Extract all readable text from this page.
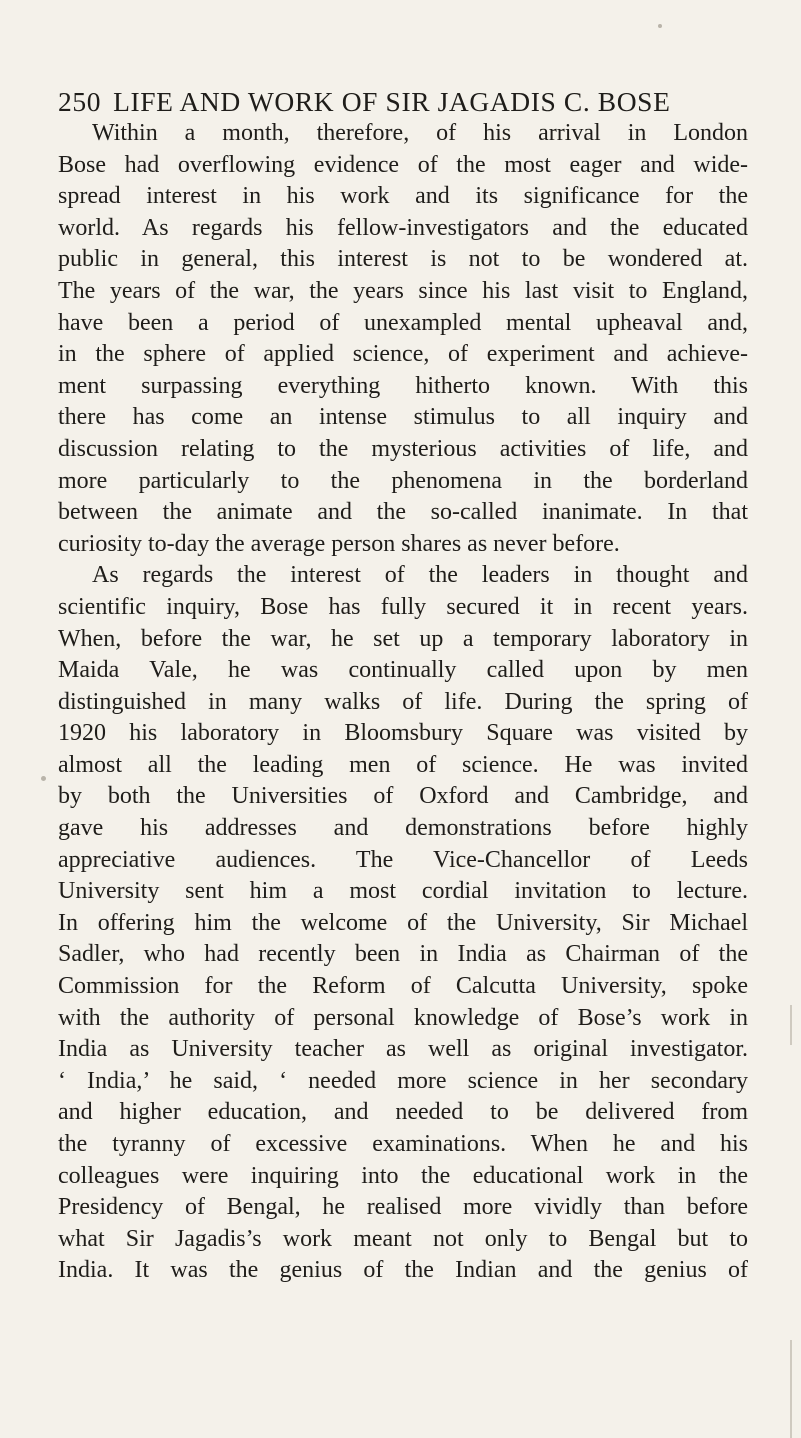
250 LIFE AND WORK OF SIR JAGADIS C. BOSE
Within a month, therefore, of his arrival in London
Bose had overflowing evidence of the most eager and wide-
spread interest in his work and its significance for the
world. As regards his fellow-investigators and the educated
public in general, this interest is not to be wondered at.
The years of the war, the years since his last visit to England,
have been a period of unexampled mental upheaval and,
in the sphere of applied science, of experiment and achieve-
ment surpassing everything hitherto known. With this
there has come an intense stimulus to all inquiry and
discussion relating to the mysterious activities of life, and
more particularly to the phenomena in the borderland
between the animate and the so-called inanimate. In that
curiosity to-day the average person shares as never before.
As regards the interest of the leaders in thought and
scientific inquiry, Bose has fully secured it in recent years.
When, before the war, he set up a temporary laboratory in
Maida Vale, he was continually called upon by men
distinguished in many walks of life. During the spring of
1920 his laboratory in Bloomsbury Square was visited by
almost all the leading men of science. He was invited
by both the Universities of Oxford and Cambridge, and
gave his addresses and demonstrations before highly
appreciative audiences. The Vice-Chancellor of Leeds
University sent him a most cordial invitation to lecture.
In offering him the welcome of the University, Sir Michael
Sadler, who had recently been in India as Chairman of the
Commission for the Reform of Calcutta University, spoke
with the authority of personal knowledge of Bose’s work in
India as University teacher as well as original investigator.
‘ India,’ he said, ‘ needed more science in her secondary
and higher education, and needed to be delivered from
the tyranny of excessive examinations. When he and his
colleagues were inquiring into the educational work in the
Presidency of Bengal, he realised more vividly than before
what Sir Jagadis’s work meant not only to Bengal but to
India. It was the genius of the Indian and the genius of
